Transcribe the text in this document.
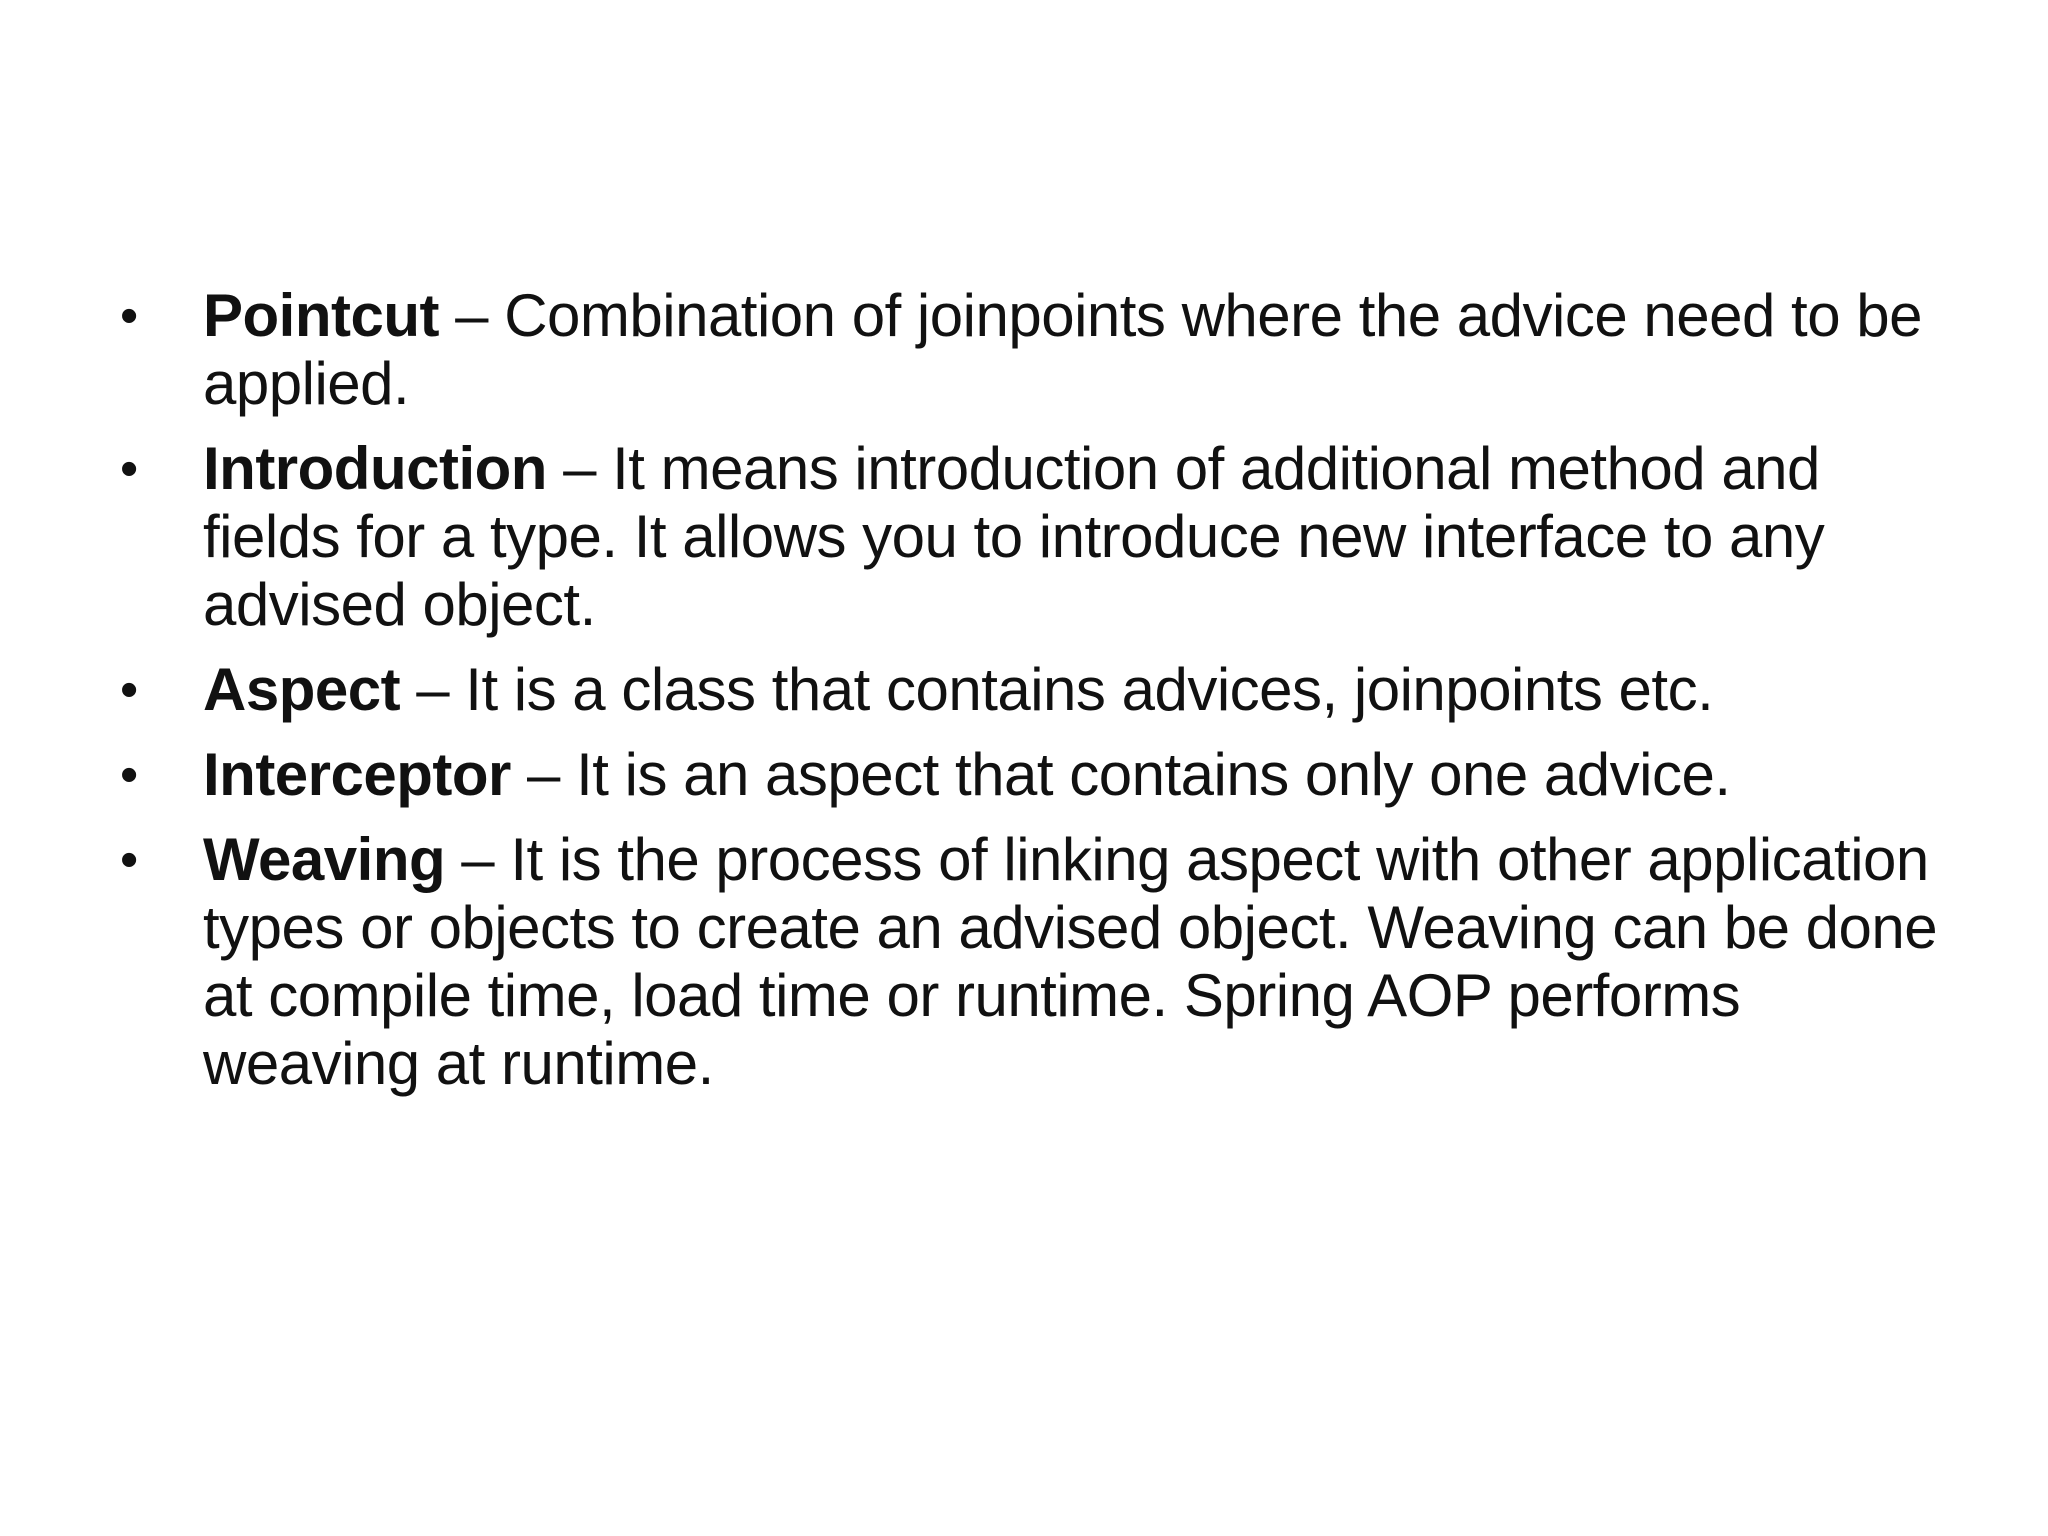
•	Pointcut – Combination of joinpoints where the advice need to be applied.
•	Introduction – It means introduction of additional method and fields for a type. It allows you to introduce new interface to any advised object.
•	Aspect – It is a class that contains advices, joinpoints etc.
•	Interceptor – It is an aspect that contains only one advice.
•	Weaving – It is the process of linking aspect with other application types or objects to create an advised object. Weaving can be done at compile time, load time or runtime. Spring AOP performs weaving at runtime.
